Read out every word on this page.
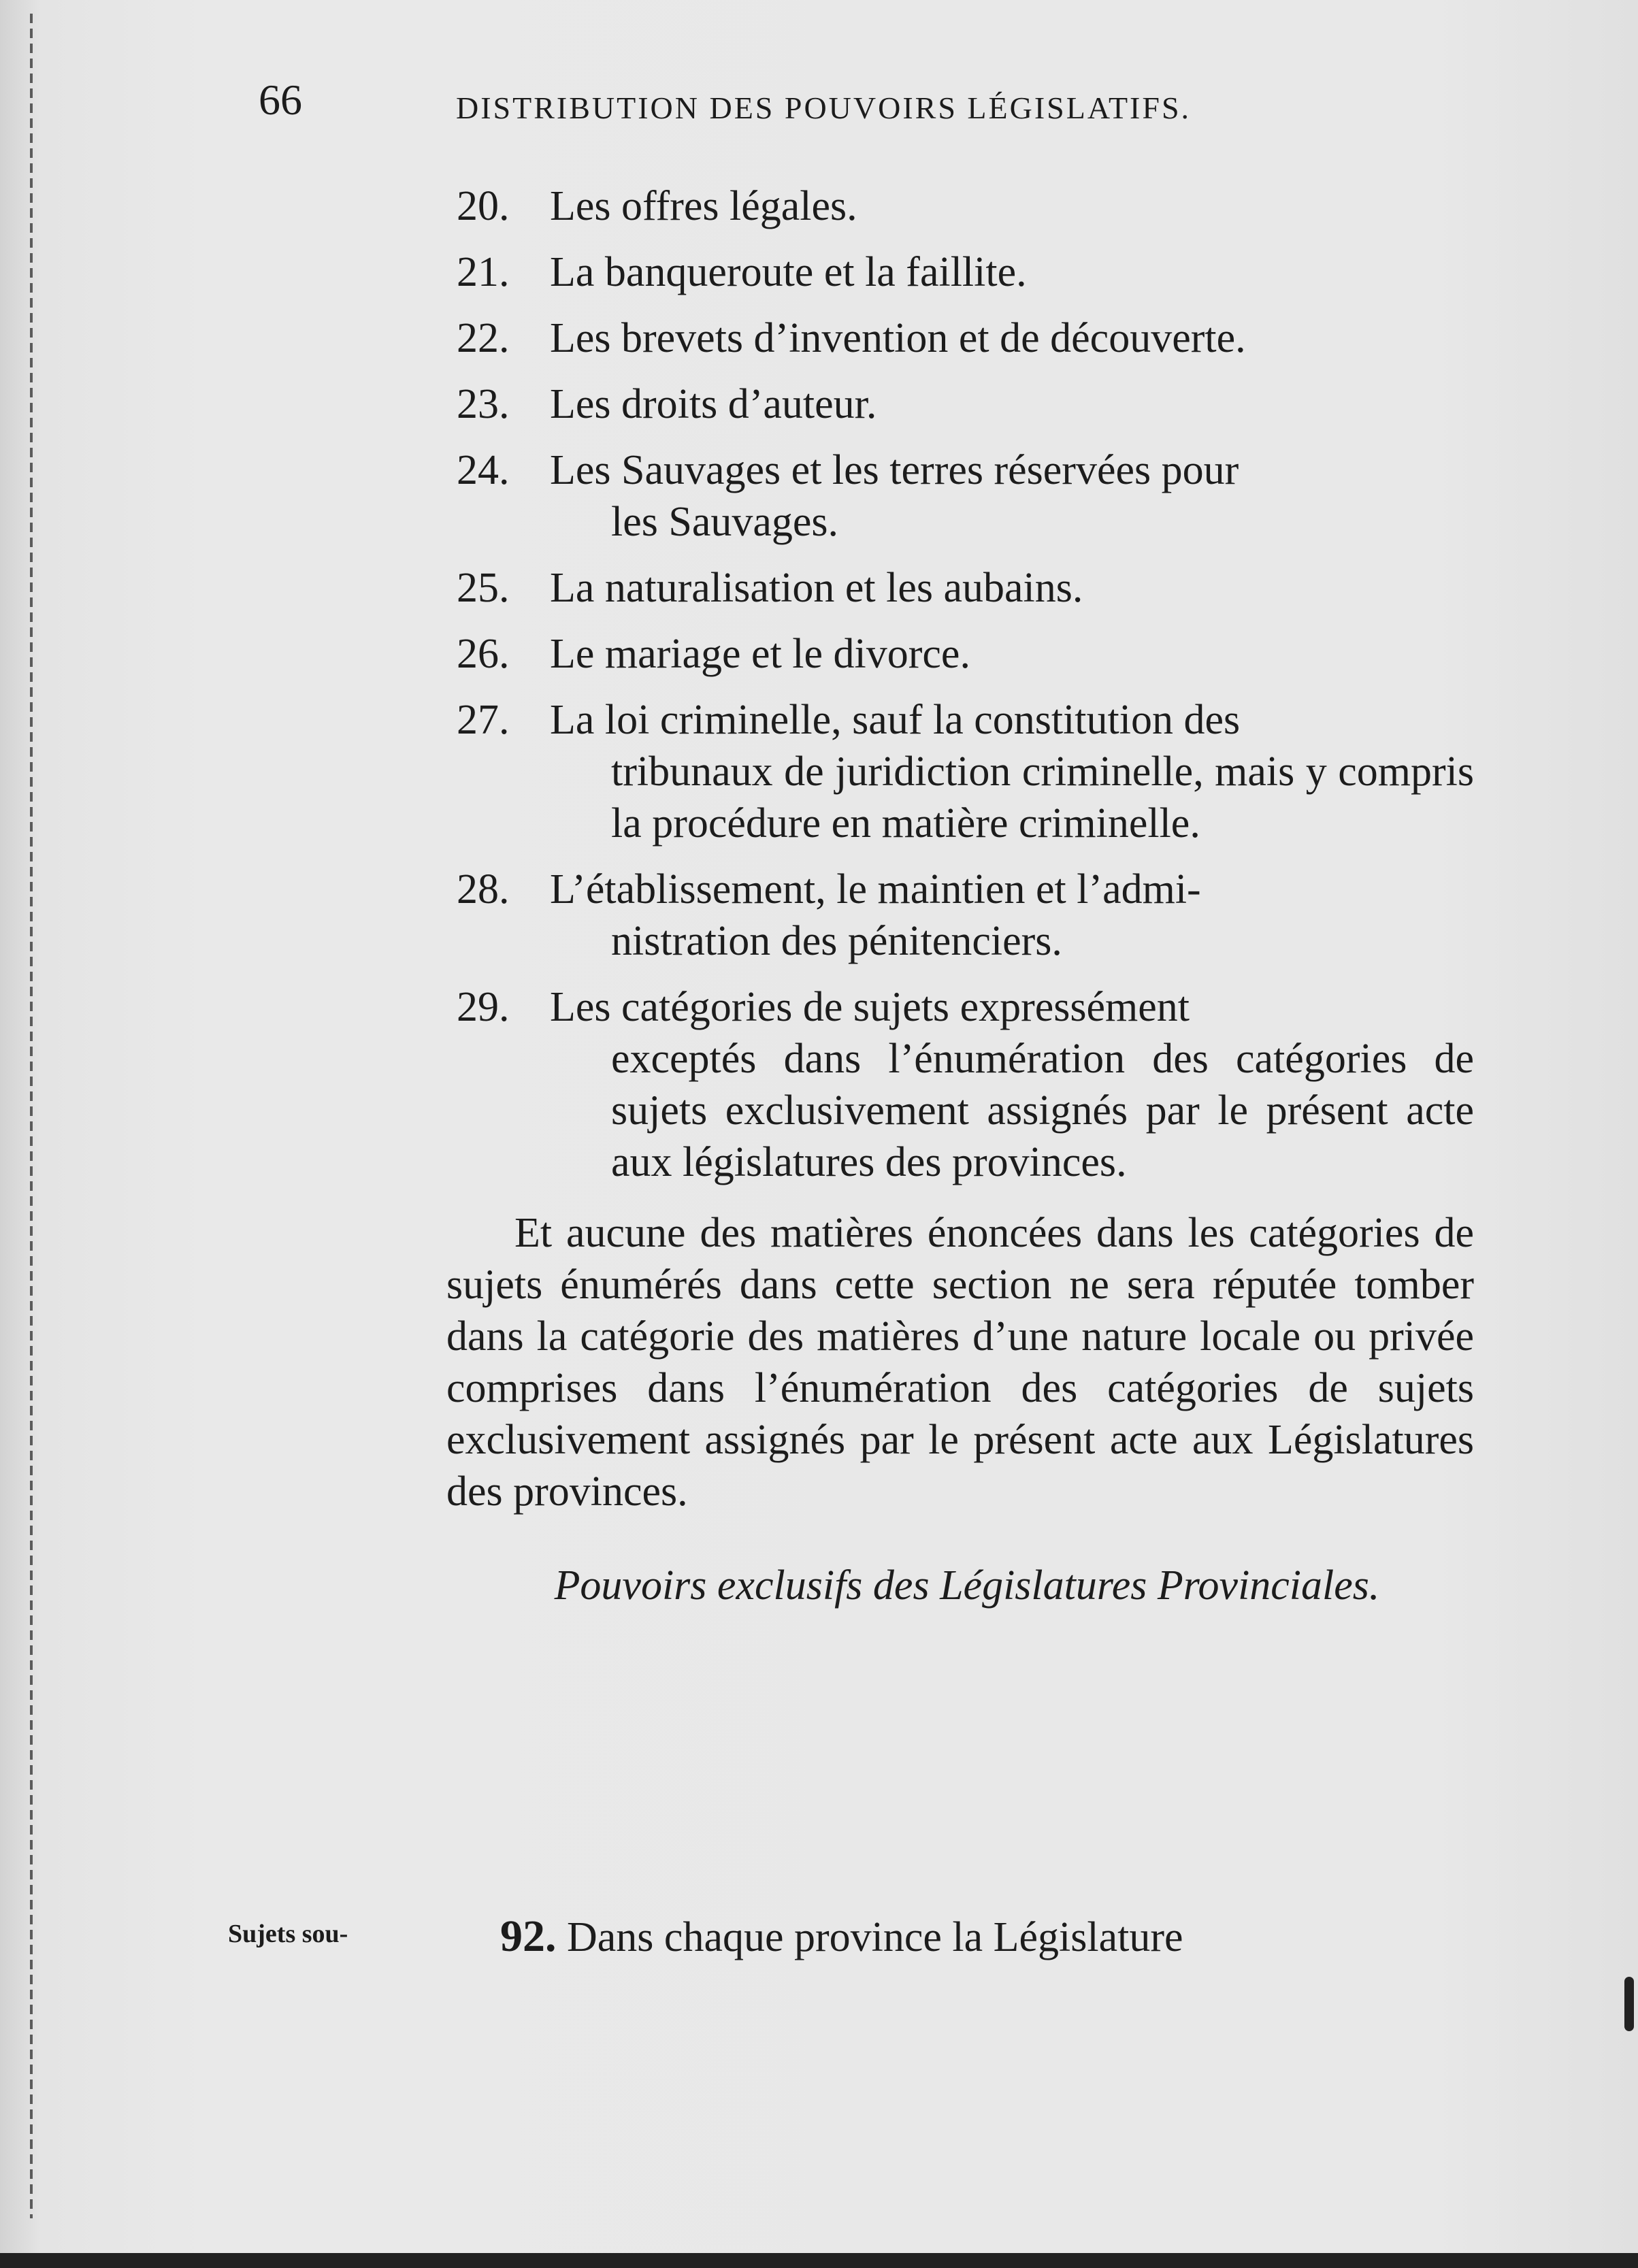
66	DISTRIBUTION DES POUVOIRS LÉGISLATIFS.
20. Les offres légales.
21. La banqueroute et la faillite.
22. Les brevets d’invention et de découverte.
23. Les droits d’auteur.
24. Les Sauvages et les terres réservées pour
les Sauvages.
25. La naturalisation et les aubains.
26. Le mariage et le divorce.
27. La loi criminelle, sauf la constitution des
tribunaux de juridiction criminelle, mais y compris la procédure en matière criminelle.
28. L’établissement, le maintien et l’admi-
nistration des pénitenciers.
29. Les catégories de sujets expressément
exceptés dans l’énumération des catégories de sujets exclusivement assignés par le présent acte aux législatures des provinces.

Et aucune des matières énoncées dans les catégories de sujets énumérés dans cette section ne sera réputée tomber dans la catégorie des matières d’une nature locale ou privée comprises dans l’énumération des catégories de sujets exclusivement assignés par le présent acte aux Législatures des provinces.

Pouvoirs exclusifs des Législatures Provinciales.

Sujets sou-	92. Dans chaque province la Législature
